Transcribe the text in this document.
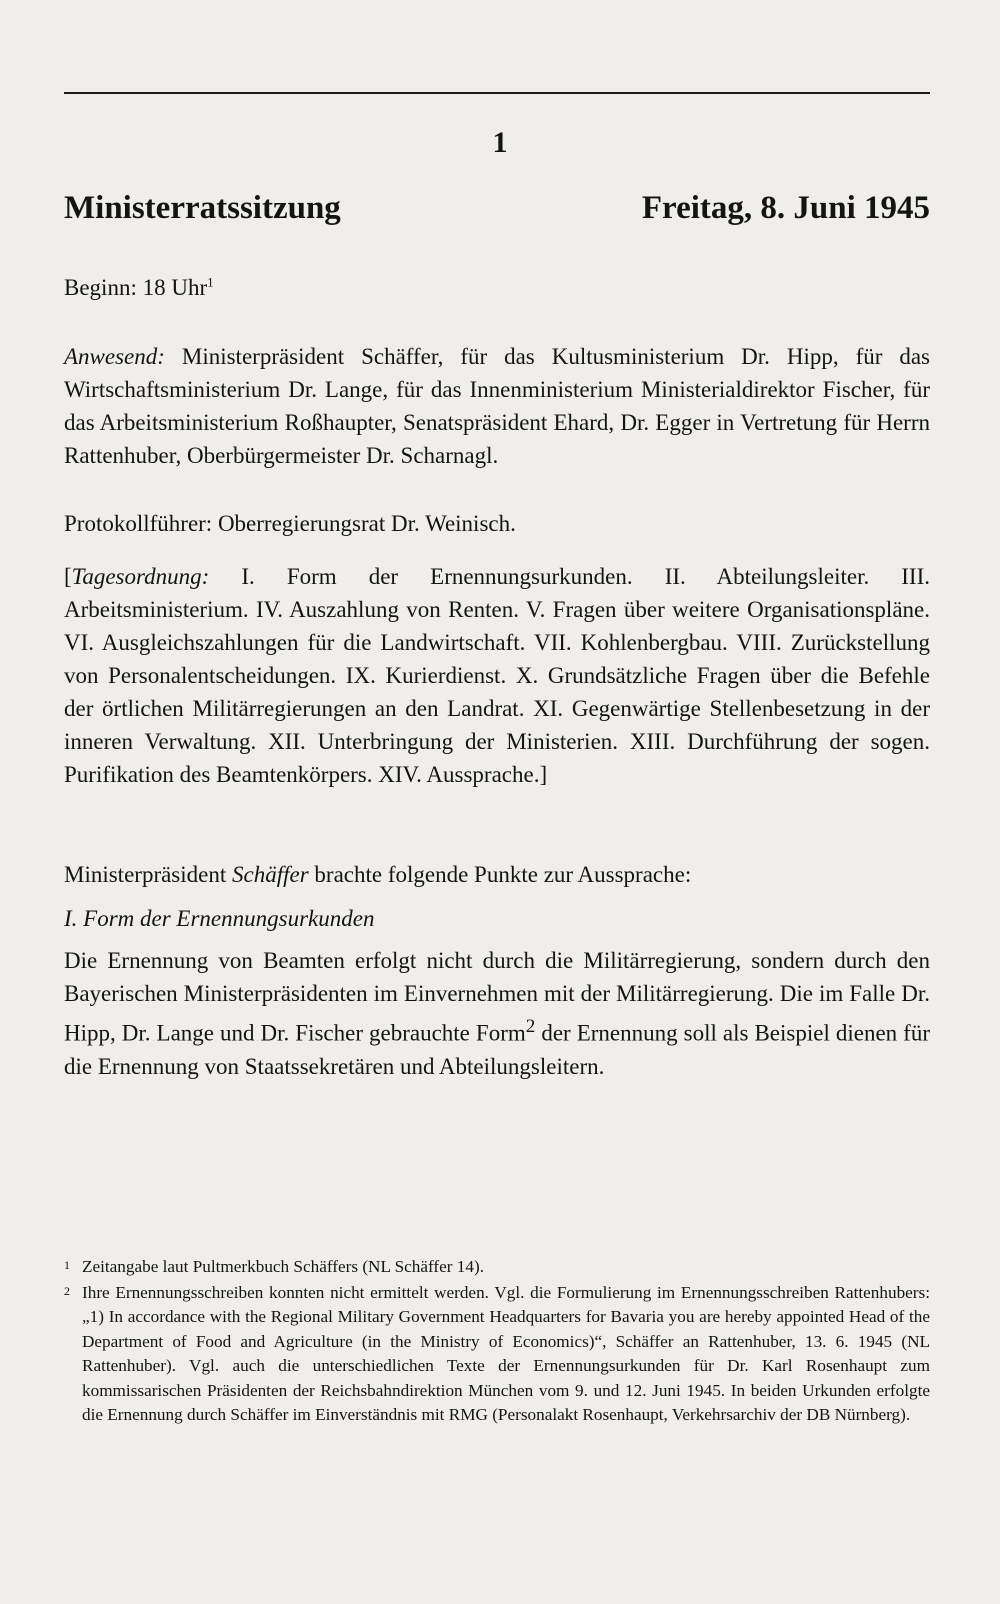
1
Ministerratssitzung	Freitag, 8. Juni 1945
Beginn: 18 Uhr$^1$
Anwesend: Ministerpräsident Schäffer, für das Kultusministerium Dr. Hipp, für das Wirtschaftsministerium Dr. Lange, für das Innenministerium Ministerialdirektor Fischer, für das Arbeitsministerium Roßhaupter, Senatspräsident Ehard, Dr. Egger in Vertretung für Herrn Rattenhuber, Oberbürgermeister Dr. Scharnagl.
Protokollführer: Oberregierungsrat Dr. Weinisch.
[Tagesordnung: I. Form der Ernennungsurkunden. II. Abteilungsleiter. III. Arbeitsministerium. IV. Auszahlung von Renten. V. Fragen über weitere Organisationspläne. VI. Ausgleichszahlungen für die Landwirtschaft. VII. Kohlenbergbau. VIII. Zurückstellung von Personalentscheidungen. IX. Kurierdienst. X. Grundsätzliche Fragen über die Befehle der örtlichen Militärregierungen an den Landrat. XI. Gegenwärtige Stellenbesetzung in der inneren Verwaltung. XII. Unterbringung der Ministerien. XIII. Durchführung der sogen. Purifikation des Beamtenkörpers. XIV. Aussprache.]
Ministerpräsident Schäffer brachte folgende Punkte zur Aussprache:
I. Form der Ernennungsurkunden
Die Ernennung von Beamten erfolgt nicht durch die Militärregierung, sondern durch den Bayerischen Ministerpräsidenten im Einvernehmen mit der Militärregierung. Die im Falle Dr. Hipp, Dr. Lange und Dr. Fischer gebrauchte Form$^2$ der Ernennung soll als Beispiel dienen für die Ernennung von Staatssekretären und Abteilungsleitern.
1 Zeitangabe laut Pultmerkbuch Schäffers (NL Schäffer 14).
2 Ihre Ernennungsschreiben konnten nicht ermittelt werden. Vgl. die Formulierung im Ernennungsschreiben Rattenhubers: „1) In accordance with the Regional Military Government Headquarters for Bavaria you are hereby appointed Head of the Department of Food and Agriculture (in the Ministry of Economics)“, Schäffer an Rattenhuber, 13. 6. 1945 (NL Rattenhuber). Vgl. auch die unterschiedlichen Texte der Ernennungsurkunden für Dr. Karl Rosenhaupt zum kommissarischen Präsidenten der Reichsbahndirektion München vom 9. und 12. Juni 1945. In beiden Urkunden erfolgte die Ernennung durch Schäffer im Einverständnis mit RMG (Personalakt Rosenhaupt, Verkehrsarchiv der DB Nürnberg).
